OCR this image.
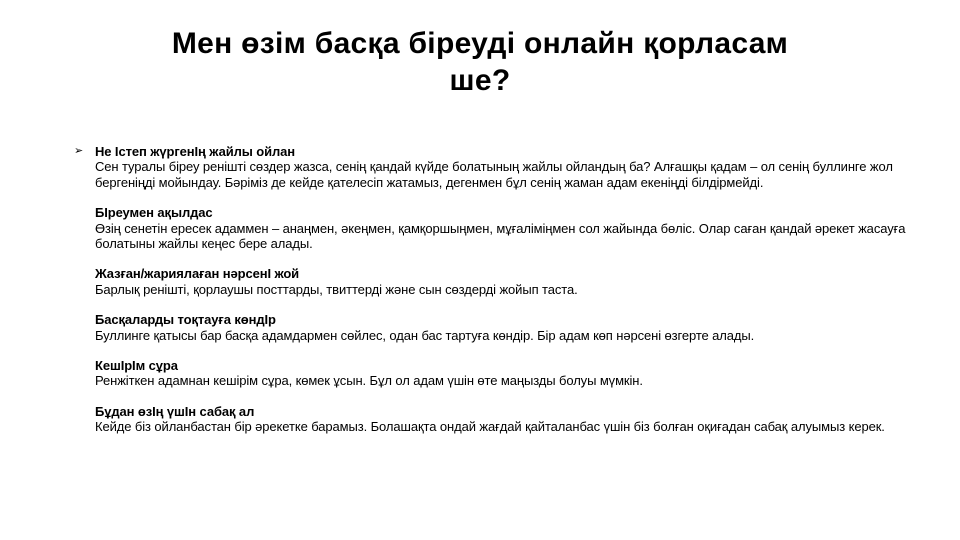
Мен өзім басқа біреуді онлайн қорласам
ше?
➢ Не Істеп жүргенІң жайлы ойлан
Сен туралы біреу ренішті сөздер жазса, сенің қандай күйде болатының жайлы ойландың ба? Алғашқы қадам – ол сенің буллинге жол бергеніңді мойындау. Бәріміз де кейде қателесіп жатамыз, дегенмен бұл сенің жаман адам екеніңді білдірмейді.
БІреумен ақылдас
Өзің сенетін ересек адаммен – анаңмен, әкеңмен, қамқоршыңмен, мұғаліміңмен сол жайында бөліс. Олар саған қандай әрекет жасауға болатыны жайлы кеңес бере алады.
Жазған/жариялаған нәрсенІ жой
Барлық ренішті, қорлаушы посттарды, твиттерді және сын сөздерді жойып таста.
Басқаларды тоқтауға көндІр
Буллинге қатысы бар басқа адамдармен сөйлес, одан бас тартуға көндір. Бір адам көп нәрсені өзгерте алады.
КешІрІм сұра
Ренжіткен адамнан кешірім сұра, көмек ұсын. Бұл ол адам үшін өте маңызды болуы мүмкін.
Бұдан өзІң үшІн сабақ ал
Кейде біз ойланбастан бір әрекетке барамыз. Болашақта ондай жағдай қайталанбас үшін біз болған оқиғадан сабақ алуымыз керек.
